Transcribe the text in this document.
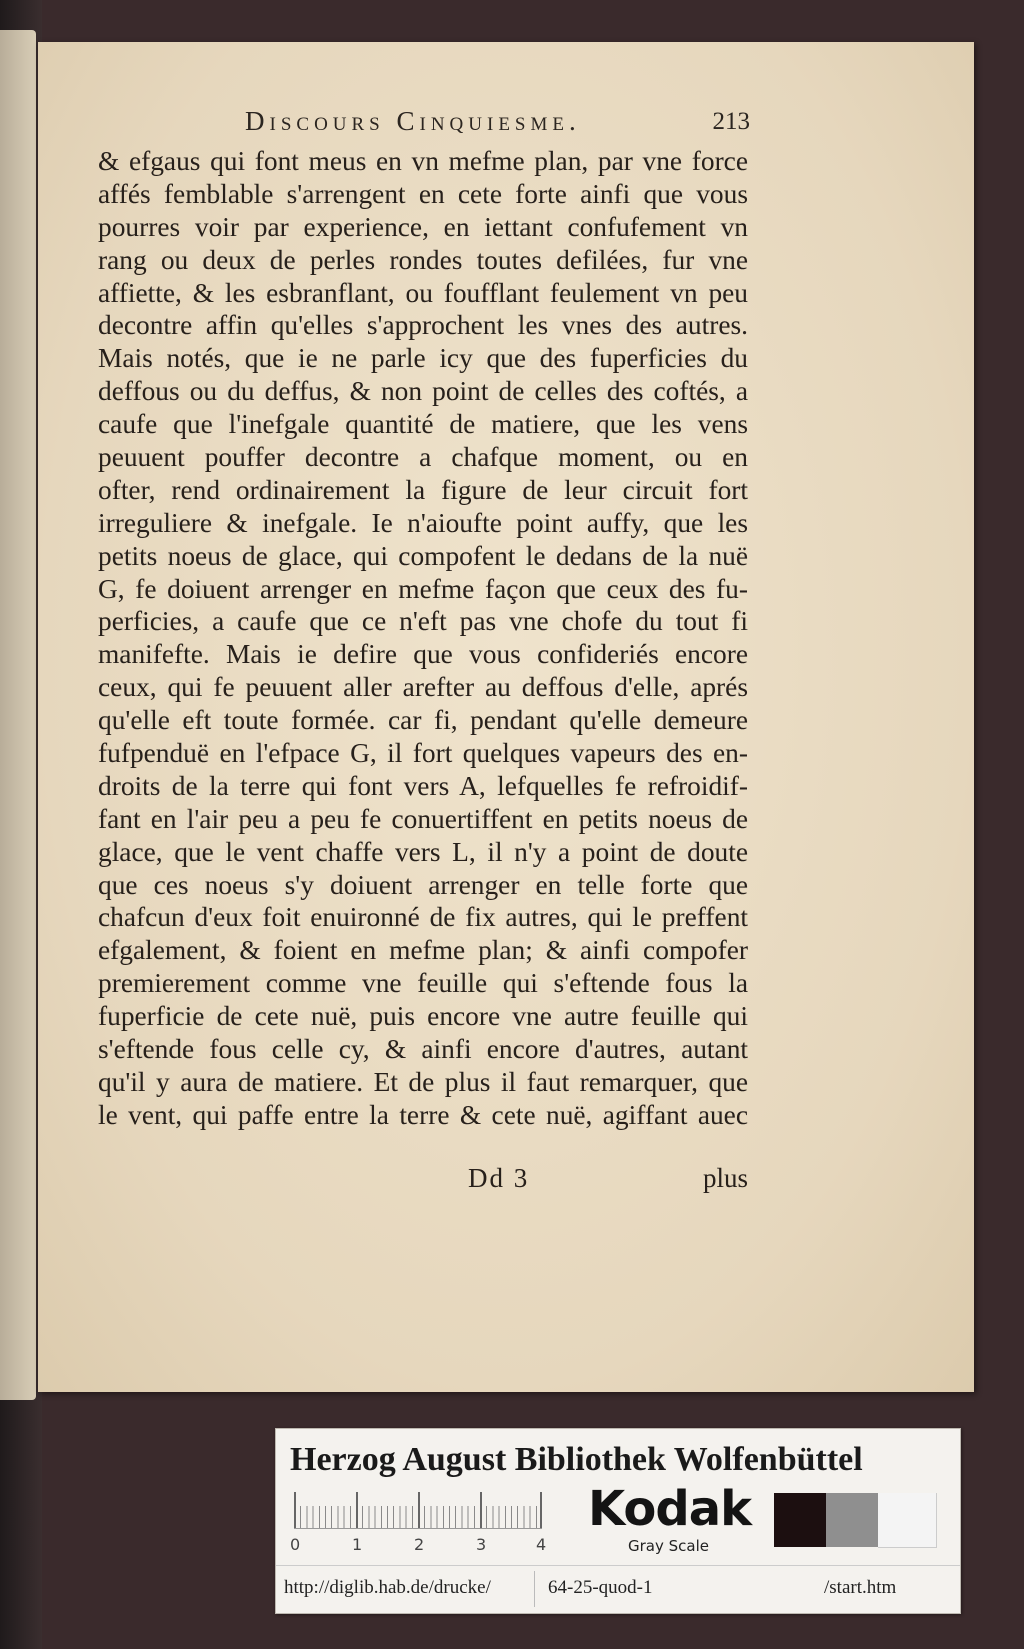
Discours Cinquiesme.	213
& efgaus qui font meus en vn mefme plan, par vne force
affés femblable s'arrengent en cete forte ainfi que vous
pourres voir par experience, en iettant confufement vn
rang ou deux de perles rondes toutes defilées, fur vne
affiette, & les esbranflant, ou foufflant feulement vn peu
decontre affin qu'elles s'approchent les vnes des autres.
Mais notés, que ie ne parle icy que des fuperficies du
deffous ou du deffus, & non point de celles des coftés, a
caufe que l'inefgale quantité de matiere, que les vens
peuuent pouffer decontre a chafque moment, ou en
ofter, rend ordinairement la figure de leur circuit fort
irreguliere & inefgale. Ie n'aioufte point auffy, que les
petits noeus de glace, qui compofent le dedans de la nuë
G, fe doiuent arrenger en mefme façon que ceux des fu-
perficies, a caufe que ce n'eft pas vne chofe du tout fi
manifefte. Mais ie defire que vous confideriés encore
ceux, qui fe peuuent aller arefter au deffous d'elle, aprés
qu'elle eft toute formée. car fi, pendant qu'elle demeure
fufpenduë en l'efpace G, il fort quelques vapeurs des en-
droits de la terre qui font vers A, lefquelles fe refroidif-
fant en l'air peu a peu fe conuertiffent en petits noeus de
glace, que le vent chaffe vers L, il n'y a point de doute
que ces noeus s'y doiuent arrenger en telle forte que
chafcun d'eux foit enuironné de fix autres, qui le preffent
efgalement, & foient en mefme plan; & ainfi compofer
premierement comme vne feuille qui s'eftende fous la
fuperficie de cete nuë, puis encore vne autre feuille qui
s'eftende fous celle cy, & ainfi encore d'autres, autant
qu'il y aura de matiere. Et de plus il faut remarquer, que
le vent, qui paffe entre la terre & cete nuë, agiffant auec
Dd 3	plus
Herzog August Bibliothek Wolfenbüttel
0	1	2	3	4
Kodak
Gray Scale
http://diglib.hab.de/drucke/	64-25-quod-1	/start.htm
